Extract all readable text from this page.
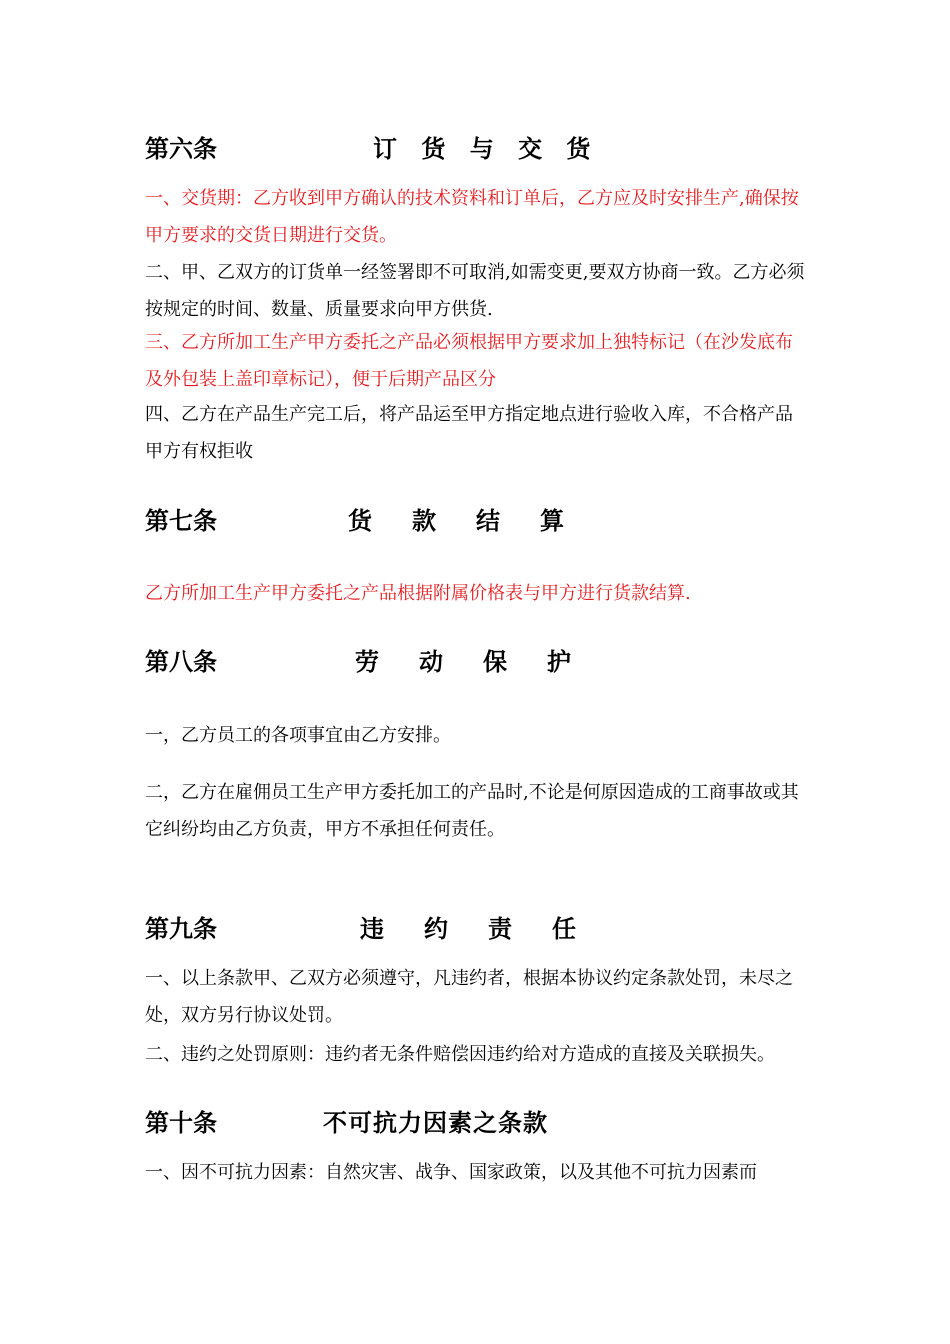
第六条	订 货 与 交 货
一、交货期：乙方收到甲方确认的技术资料和订单后，乙方应及时安排生产,确保按甲方要求的交货日期进行交货。
二、甲、乙双方的订货单一经签署即不可取消,如需变更,要双方协商一致。乙方必须按规定的时间、数量、质量要求向甲方供货.
三、乙方所加工生产甲方委托之产品必须根据甲方要求加上独特标记（在沙发底布及外包装上盖印章标记），便于后期产品区分
四、乙方在产品生产完工后，将产品运至甲方指定地点进行验收入库，不合格产品甲方有权拒收
第七条	货　款　结　算
乙方所加工生产甲方委托之产品根据附属价格表与甲方进行货款结算.
第八条	劳　动　保　护
一，乙方员工的各项事宜由乙方安排。
二，乙方在雇佣员工生产甲方委托加工的产品时,不论是何原因造成的工商事故或其它纠纷均由乙方负责，甲方不承担任何责任。
第九条	违　约　责　任
一、以上条款甲、乙双方必须遵守，凡违约者，根据本协议约定条款处罚，未尽之处，双方另行协议处罚。
二、违约之处罚原则：违约者无条件赔偿因违约给对方造成的直接及关联损失。
第十条	不可抗力因素之条款
一、因不可抗力因素：自然灾害、战争、国家政策，以及其他不可抗力因素而
